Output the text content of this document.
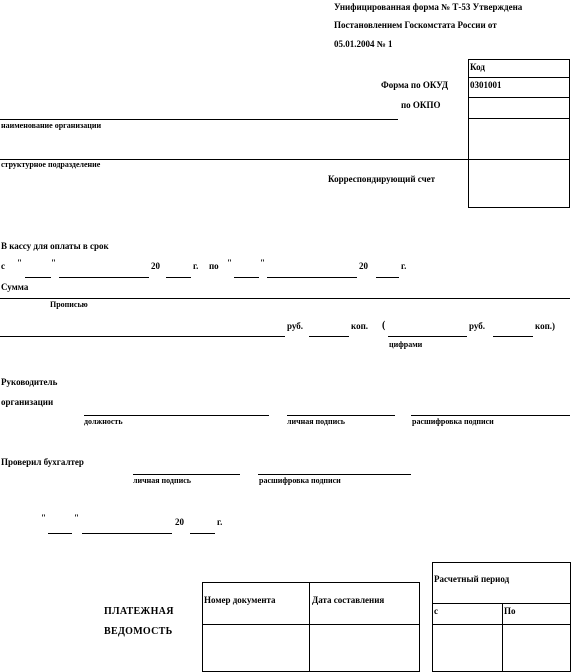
Унифицированная форма № Т-53 Утверждена
Постановлением Госкомстата России от
05.01.2004 № 1
Код
Форма по ОКУД 0301001
по ОКПО
наименование организации
структурное подразделение
Корреспондирующий счет
В кассу для оплаты в срок
с "	"	20	г. по "	"	20	г.
Сумма
Прописью
руб.	коп. (	руб.	коп.)
цифрами
Руководитель
организации
должность	личная подпись	расшифровка подписи
Проверил бухгалтер
личная подпись	расшифровка подписи
"	"	20	г.
ПЛАТЕЖНАЯ
ВЕДОМОСТЬ
Номер документа	Дата составления
Расчетный период
с	По
